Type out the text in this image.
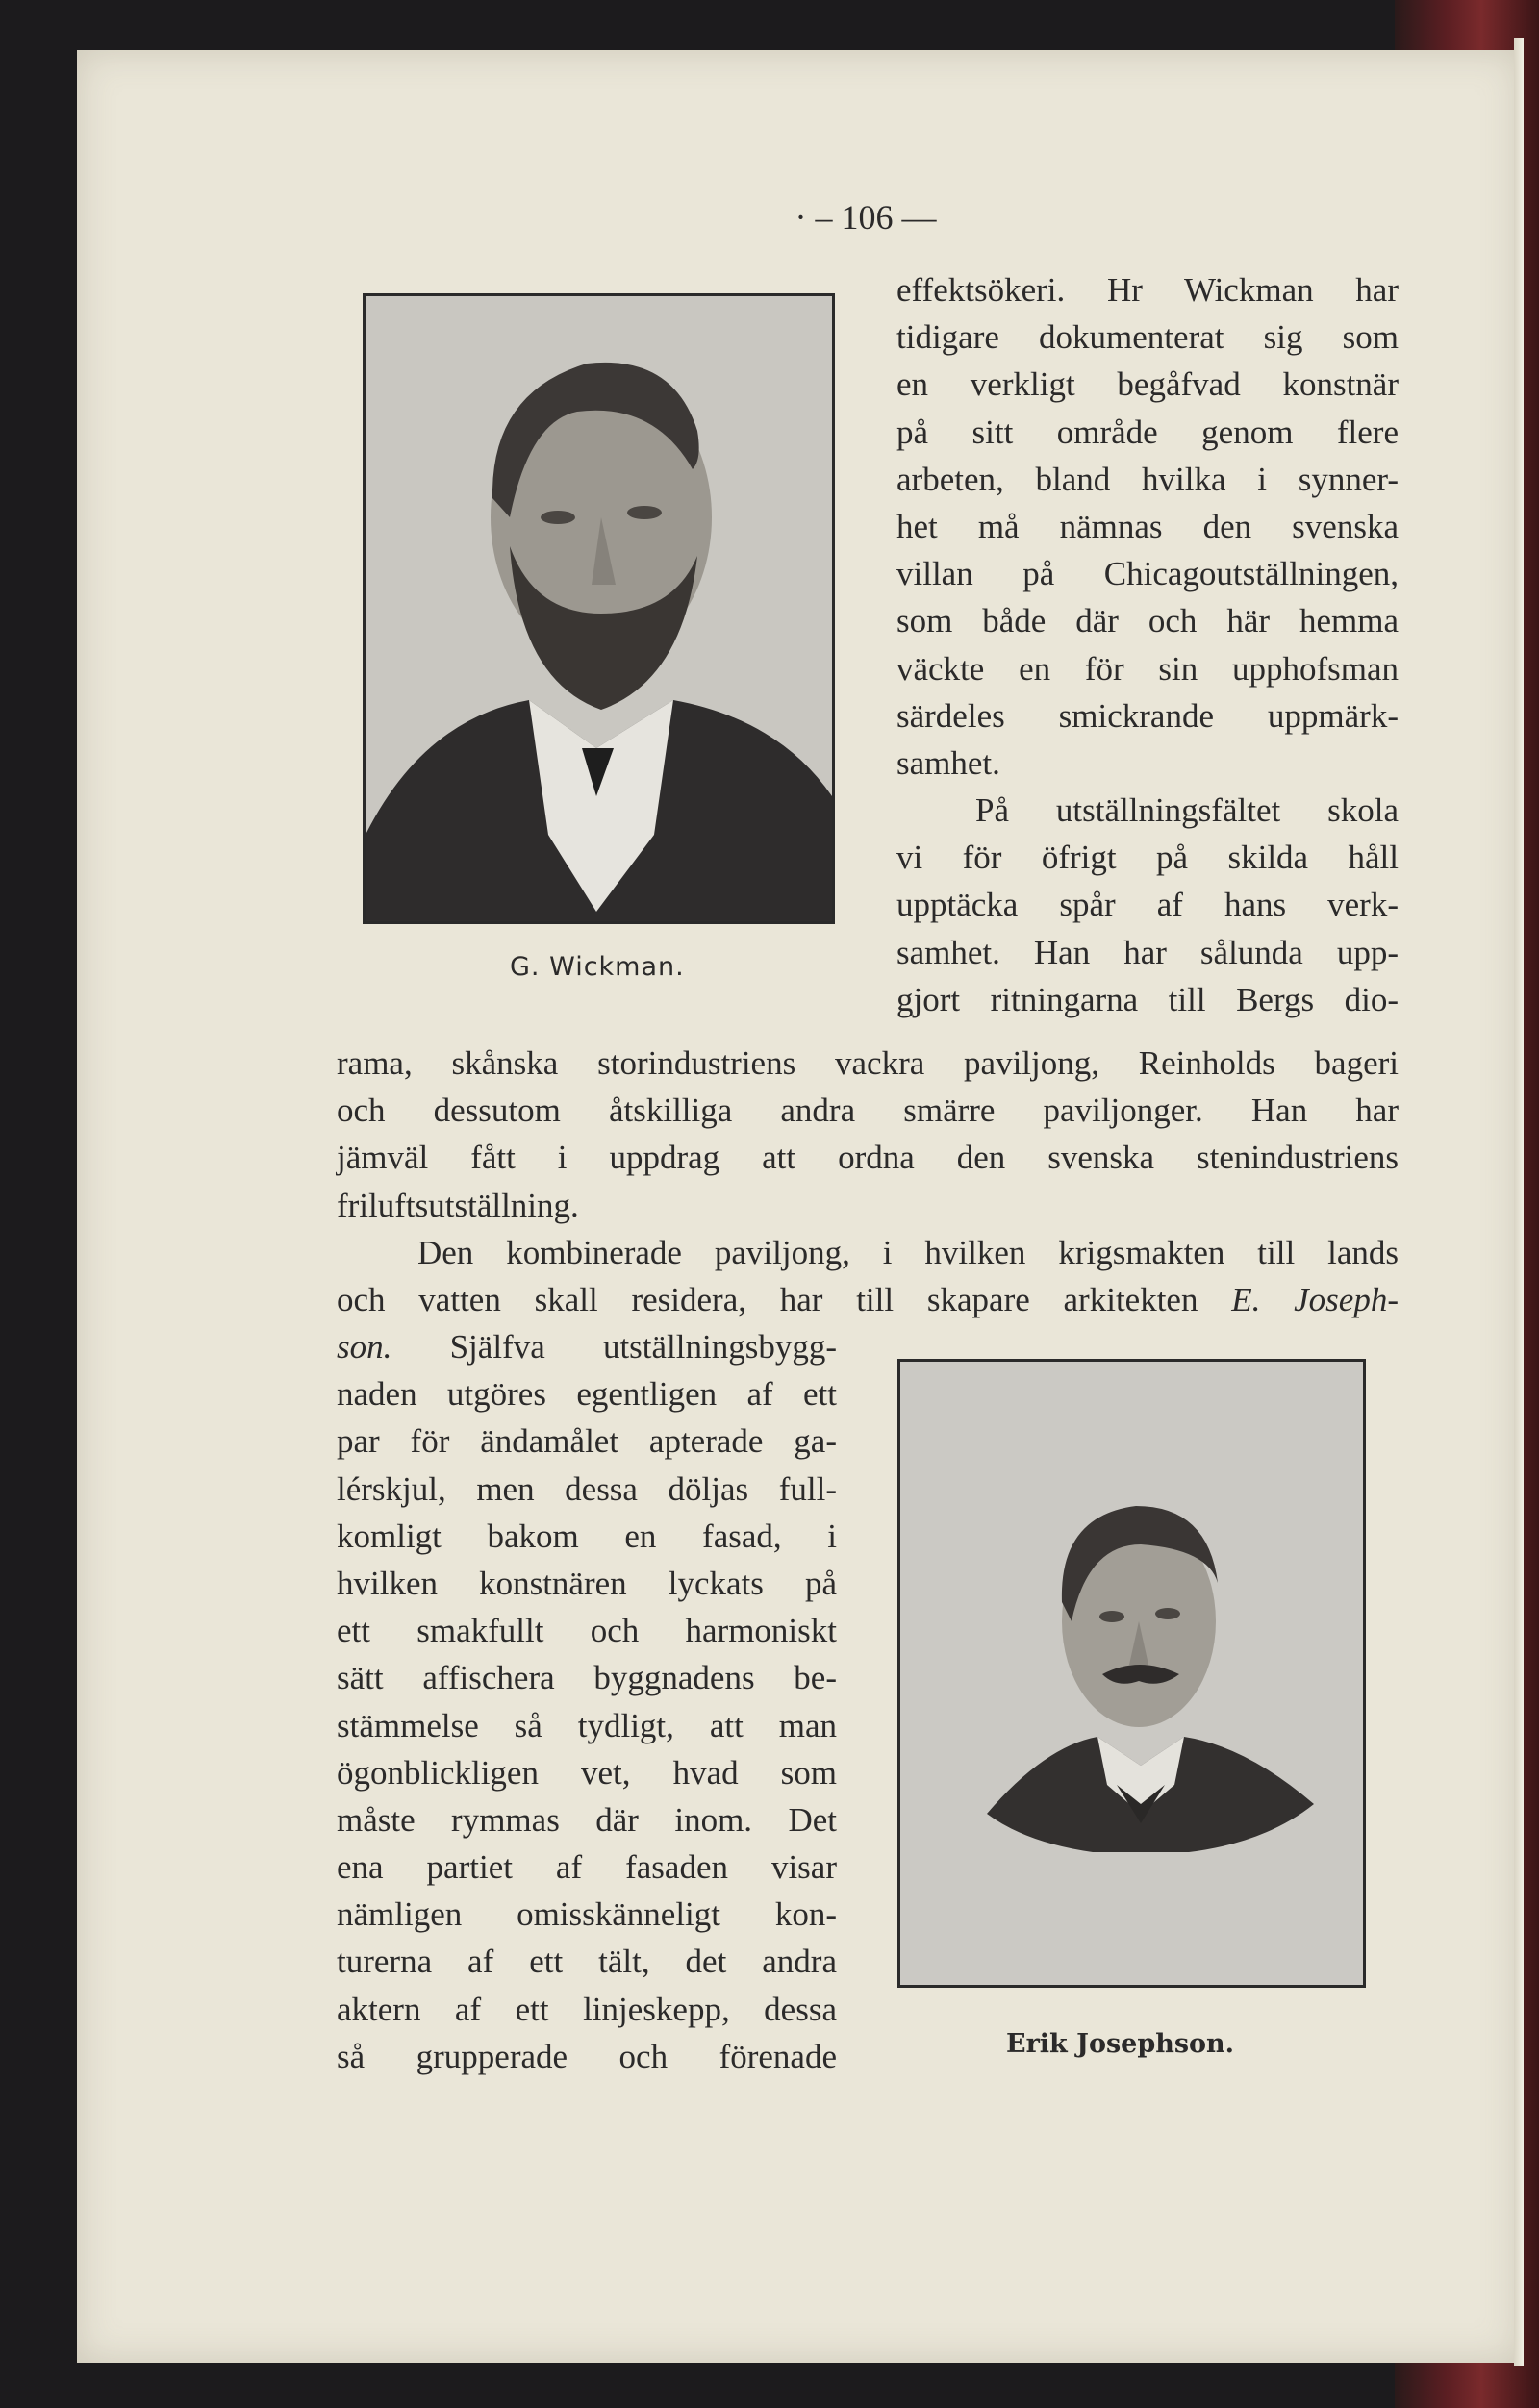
· – 106 —
G. Wickman.
Erik Josephson.
effektsökeri. Hr Wickman har
tidigare dokumenterat sig som
en verkligt begåfvad konstnär
på sitt område genom flere
arbeten, bland hvilka i synner-
het må nämnas den svenska
villan på Chicagoutställningen,
som både där och här hemma
väckte en för sin upphofsman
särdeles smickrande uppmärk-
samhet.
På utställningsfältet skola
vi för öfrigt på skilda håll
upptäcka spår af hans verk-
samhet. Han har sålunda upp-
gjort ritningarna till Bergs dio-
rama, skånska storindustriens vackra paviljong, Reinholds bageri
och dessutom åtskilliga andra smärre paviljonger. Han har
jämväl fått i uppdrag att ordna den svenska stenindustriens
friluftsutställning.
Den kombinerade paviljong, i hvilken krigsmakten till lands
och vatten skall residera, har till skapare arkitekten E. Joseph-
son. Själfva utställningsbygg-
naden utgöres egentligen af ett
par för ändamålet apterade ga-
lérskjul, men dessa döljas full-
komligt bakom en fasad, i
hvilken konstnären lyckats på
ett smakfullt och harmoniskt
sätt affischera byggnadens be-
stämmelse så tydligt, att man
ögonblickligen vet, hvad som
måste rymmas där inom. Det
ena partiet af fasaden visar
nämligen omisskänneligt kon-
turerna af ett tält, det andra
aktern af ett linjeskepp, dessa
så grupperade och förenade
